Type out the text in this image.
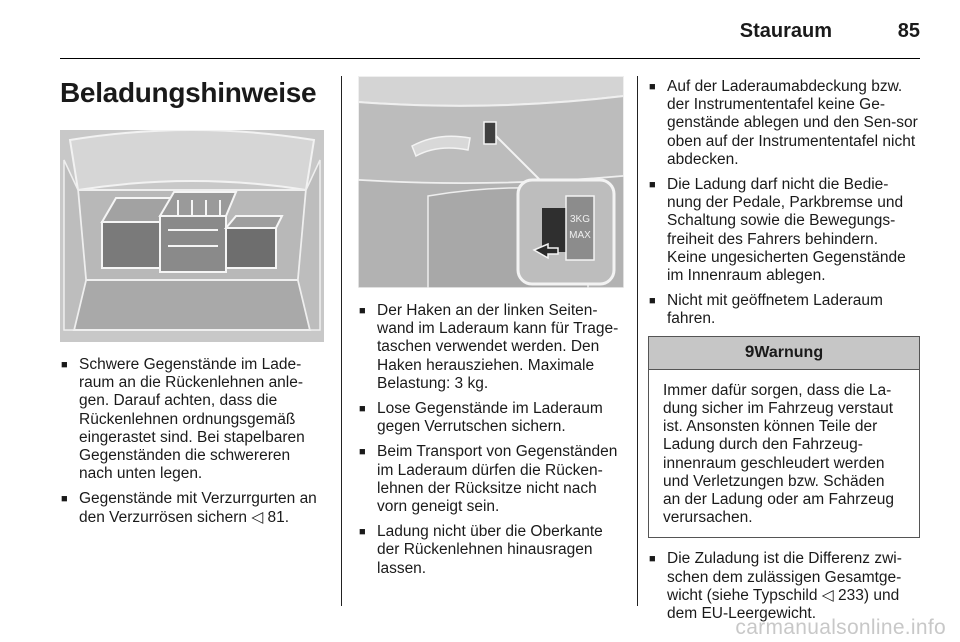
Stauraum	85
Beladungshinweise
■ Schwere Gegenstände im Lade-raum an die Rückenlehnen anle-gen. Darauf achten, dass die Rückenlehnen ordnungsgemäß eingerastet sind. Bei stapelbaren Gegenständen die schwereren nach unten legen.
■ Gegenstände mit Verzurrgurten an den Verzurrösen sichern ◁ 81.
3KG
MAX
■ Der Haken an der linken Seiten-wand im Laderaum kann für Trage-taschen verwendet werden. Den Haken herausziehen. Maximale Belastung: 3 kg.
■ Lose Gegenstände im Laderaum gegen Verrutschen sichern.
■ Beim Transport von Gegenständen im Laderaum dürfen die Rücken-lehnen der Rücksitze nicht nach vorn geneigt sein.
■ Ladung nicht über die Oberkante der Rückenlehnen hinausragen lassen.
■ Auf der Laderaumabdeckung bzw. der Instrumententafel keine Ge-genstände ablegen und den Sen-sor oben auf der Instrumententafel nicht abdecken.
■ Die Ladung darf nicht die Bedie-nung der Pedale, Parkbremse und Schaltung sowie die Bewegungs-freiheit des Fahrers behindern. Keine ungesicherten Gegenstände im Innenraum ablegen.
■ Nicht mit geöffnetem Laderaum fahren.
9Warnung
Immer dafür sorgen, dass die La-dung sicher im Fahrzeug verstaut ist. Ansonsten können Teile der Ladung durch den Fahrzeug-innenraum geschleudert werden und Verletzungen bzw. Schäden an der Ladung oder am Fahrzeug verursachen.
■ Die Zuladung ist die Differenz zwi-schen dem zulässigen Gesamtge-wicht (siehe Typschild ◁ 233) und dem EU-Leergewicht.
carmanualsonline.info
